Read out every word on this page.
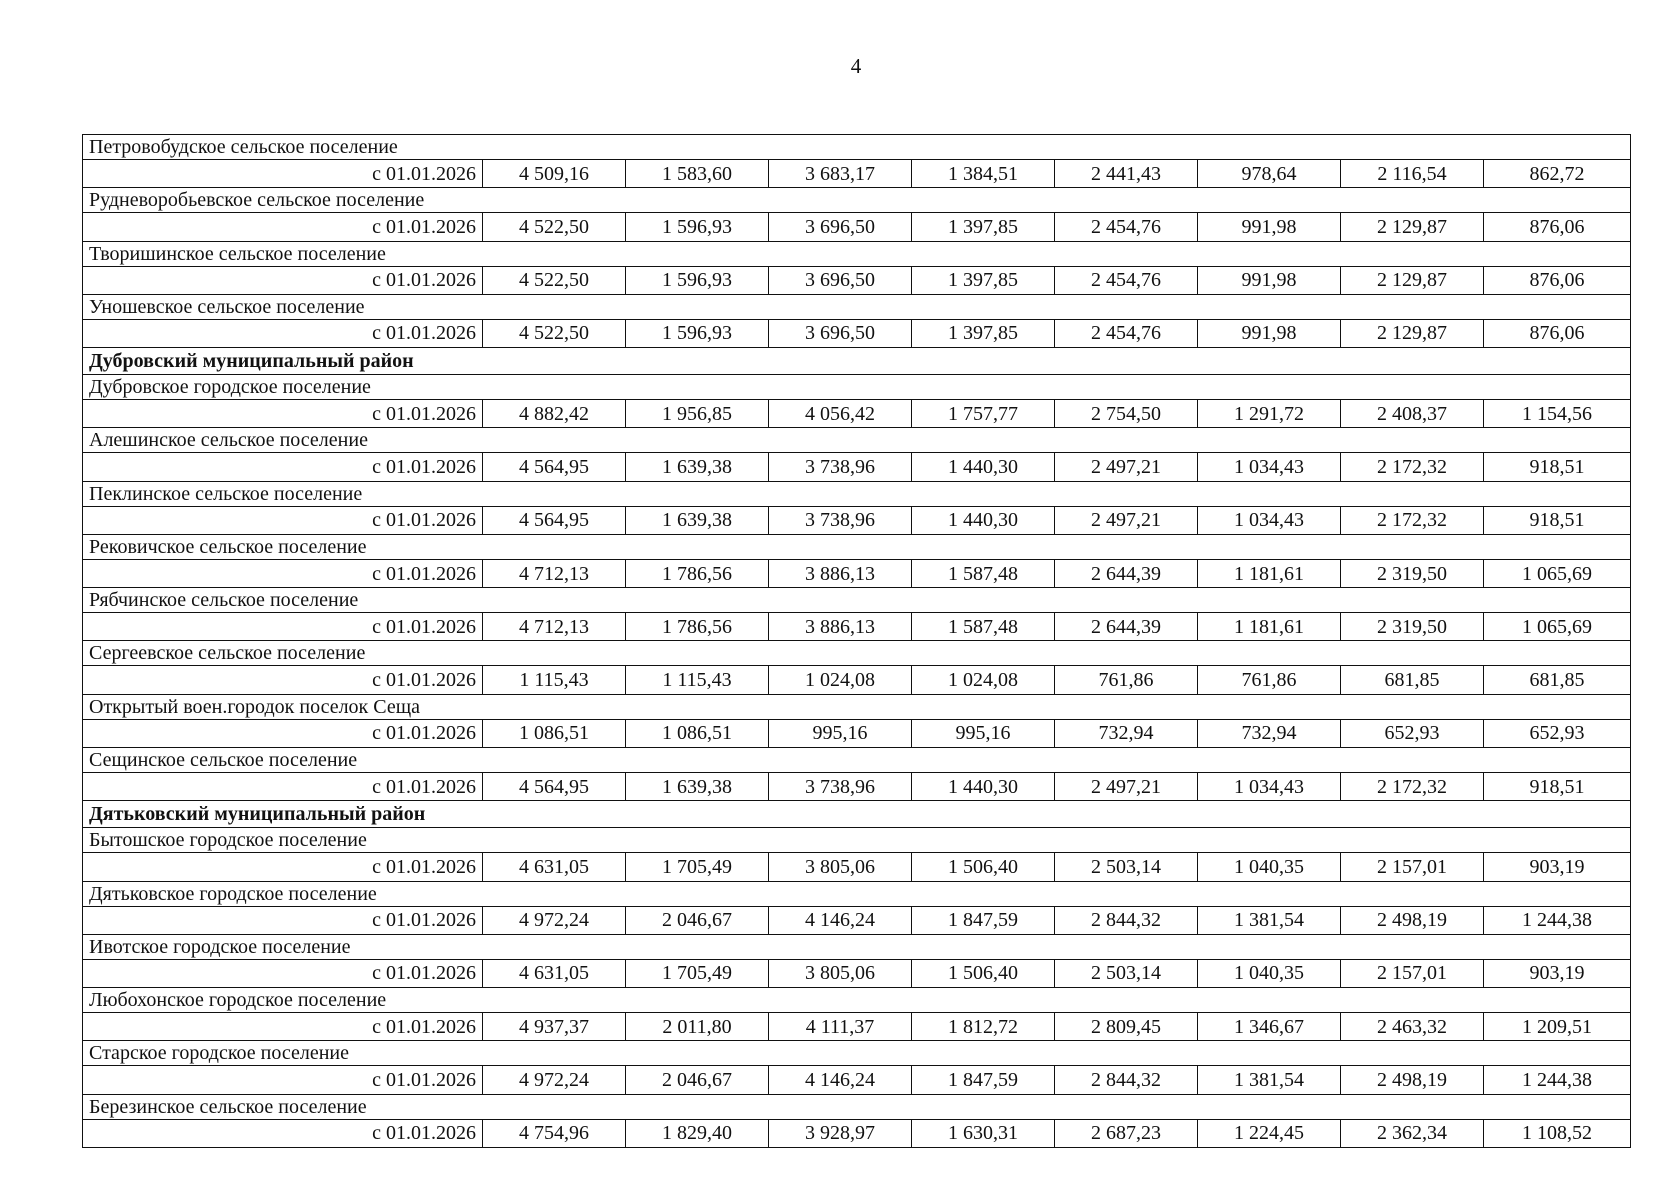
4
Петровобудское сельское поселение								
с 01.01.2026	4 509,16	1 583,60	3 683,17	1 384,51	2 441,43	978,64	2 116,54	862,72
Рудневоробьевское сельское поселение								
с 01.01.2026	4 522,50	1 596,93	3 696,50	1 397,85	2 454,76	991,98	2 129,87	876,06
Творишинское сельское поселение								
с 01.01.2026	4 522,50	1 596,93	3 696,50	1 397,85	2 454,76	991,98	2 129,87	876,06
Уношевское сельское поселение								
с 01.01.2026	4 522,50	1 596,93	3 696,50	1 397,85	2 454,76	991,98	2 129,87	876,06
Дубровский муниципальный район								
Дубровское городское поселение								
с 01.01.2026	4 882,42	1 956,85	4 056,42	1 757,77	2 754,50	1 291,72	2 408,37	1 154,56
Алешинское сельское поселение								
с 01.01.2026	4 564,95	1 639,38	3 738,96	1 440,30	2 497,21	1 034,43	2 172,32	918,51
Пеклинское сельское поселение								
с 01.01.2026	4 564,95	1 639,38	3 738,96	1 440,30	2 497,21	1 034,43	2 172,32	918,51
Рековичское сельское поселение								
с 01.01.2026	4 712,13	1 786,56	3 886,13	1 587,48	2 644,39	1 181,61	2 319,50	1 065,69
Рябчинское сельское поселение								
с 01.01.2026	4 712,13	1 786,56	3 886,13	1 587,48	2 644,39	1 181,61	2 319,50	1 065,69
Сергеевское сельское поселение								
с 01.01.2026	1 115,43	1 115,43	1 024,08	1 024,08	761,86	761,86	681,85	681,85
Открытый воен.городок поселок Сеща								
с 01.01.2026	1 086,51	1 086,51	995,16	995,16	732,94	732,94	652,93	652,93
Сещинское сельское поселение								
с 01.01.2026	4 564,95	1 639,38	3 738,96	1 440,30	2 497,21	1 034,43	2 172,32	918,51
Дятьковский муниципальный район								
Бытошское городское поселение								
с 01.01.2026	4 631,05	1 705,49	3 805,06	1 506,40	2 503,14	1 040,35	2 157,01	903,19
Дятьковское городское поселение								
с 01.01.2026	4 972,24	2 046,67	4 146,24	1 847,59	2 844,32	1 381,54	2 498,19	1 244,38
Ивотское городское поселение								
с 01.01.2026	4 631,05	1 705,49	3 805,06	1 506,40	2 503,14	1 040,35	2 157,01	903,19
Любохонское городское поселение								
с 01.01.2026	4 937,37	2 011,80	4 111,37	1 812,72	2 809,45	1 346,67	2 463,32	1 209,51
Старское городское поселение								
с 01.01.2026	4 972,24	2 046,67	4 146,24	1 847,59	2 844,32	1 381,54	2 498,19	1 244,38
Березинское сельское поселение								
с 01.01.2026	4 754,96	1 829,40	3 928,97	1 630,31	2 687,23	1 224,45	2 362,34	1 108,52
